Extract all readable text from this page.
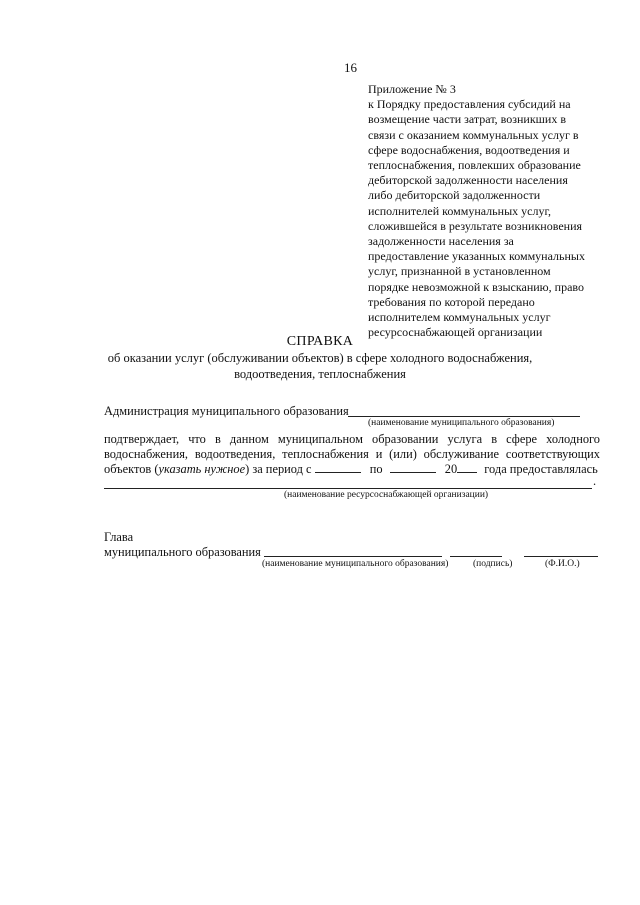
16
Приложение № 3
к Порядку предоставления субсидий на
возмещение части затрат, возникших в
связи с оказанием коммунальных услуг в
сфере водоснабжения, водоотведения и
теплоснабжения, повлекших образование
дебиторской задолженности населения
либо дебиторской задолженности
исполнителей коммунальных услуг,
сложившейся в результате возникновения
задолженности населения за
предоставление указанных коммунальных
услуг, признанной в установленном
порядке невозможной к взысканию, право
требования по которой передано
исполнителем коммунальных услуг
ресурсоснабжающей организации
СПРАВКА
об оказании услуг (обслуживании объектов) в сфере холодного водоснабжения,
водоотведения, теплоснабжения
Администрация муниципального образования
(наименование муниципального образования)
подтверждает, что в данном муниципальном образовании услуга в сфере холодного
водоснабжения, водоотведения, теплоснабжения и (или) обслуживание соответствующих
объектов (указать нужное) за период с	по	20 года предоставлялась
.
(наименование ресурсоснабжающей организации)
Глава
муниципального образования
(наименование муниципального образования)	(подпись)	(Ф.И.О.)
